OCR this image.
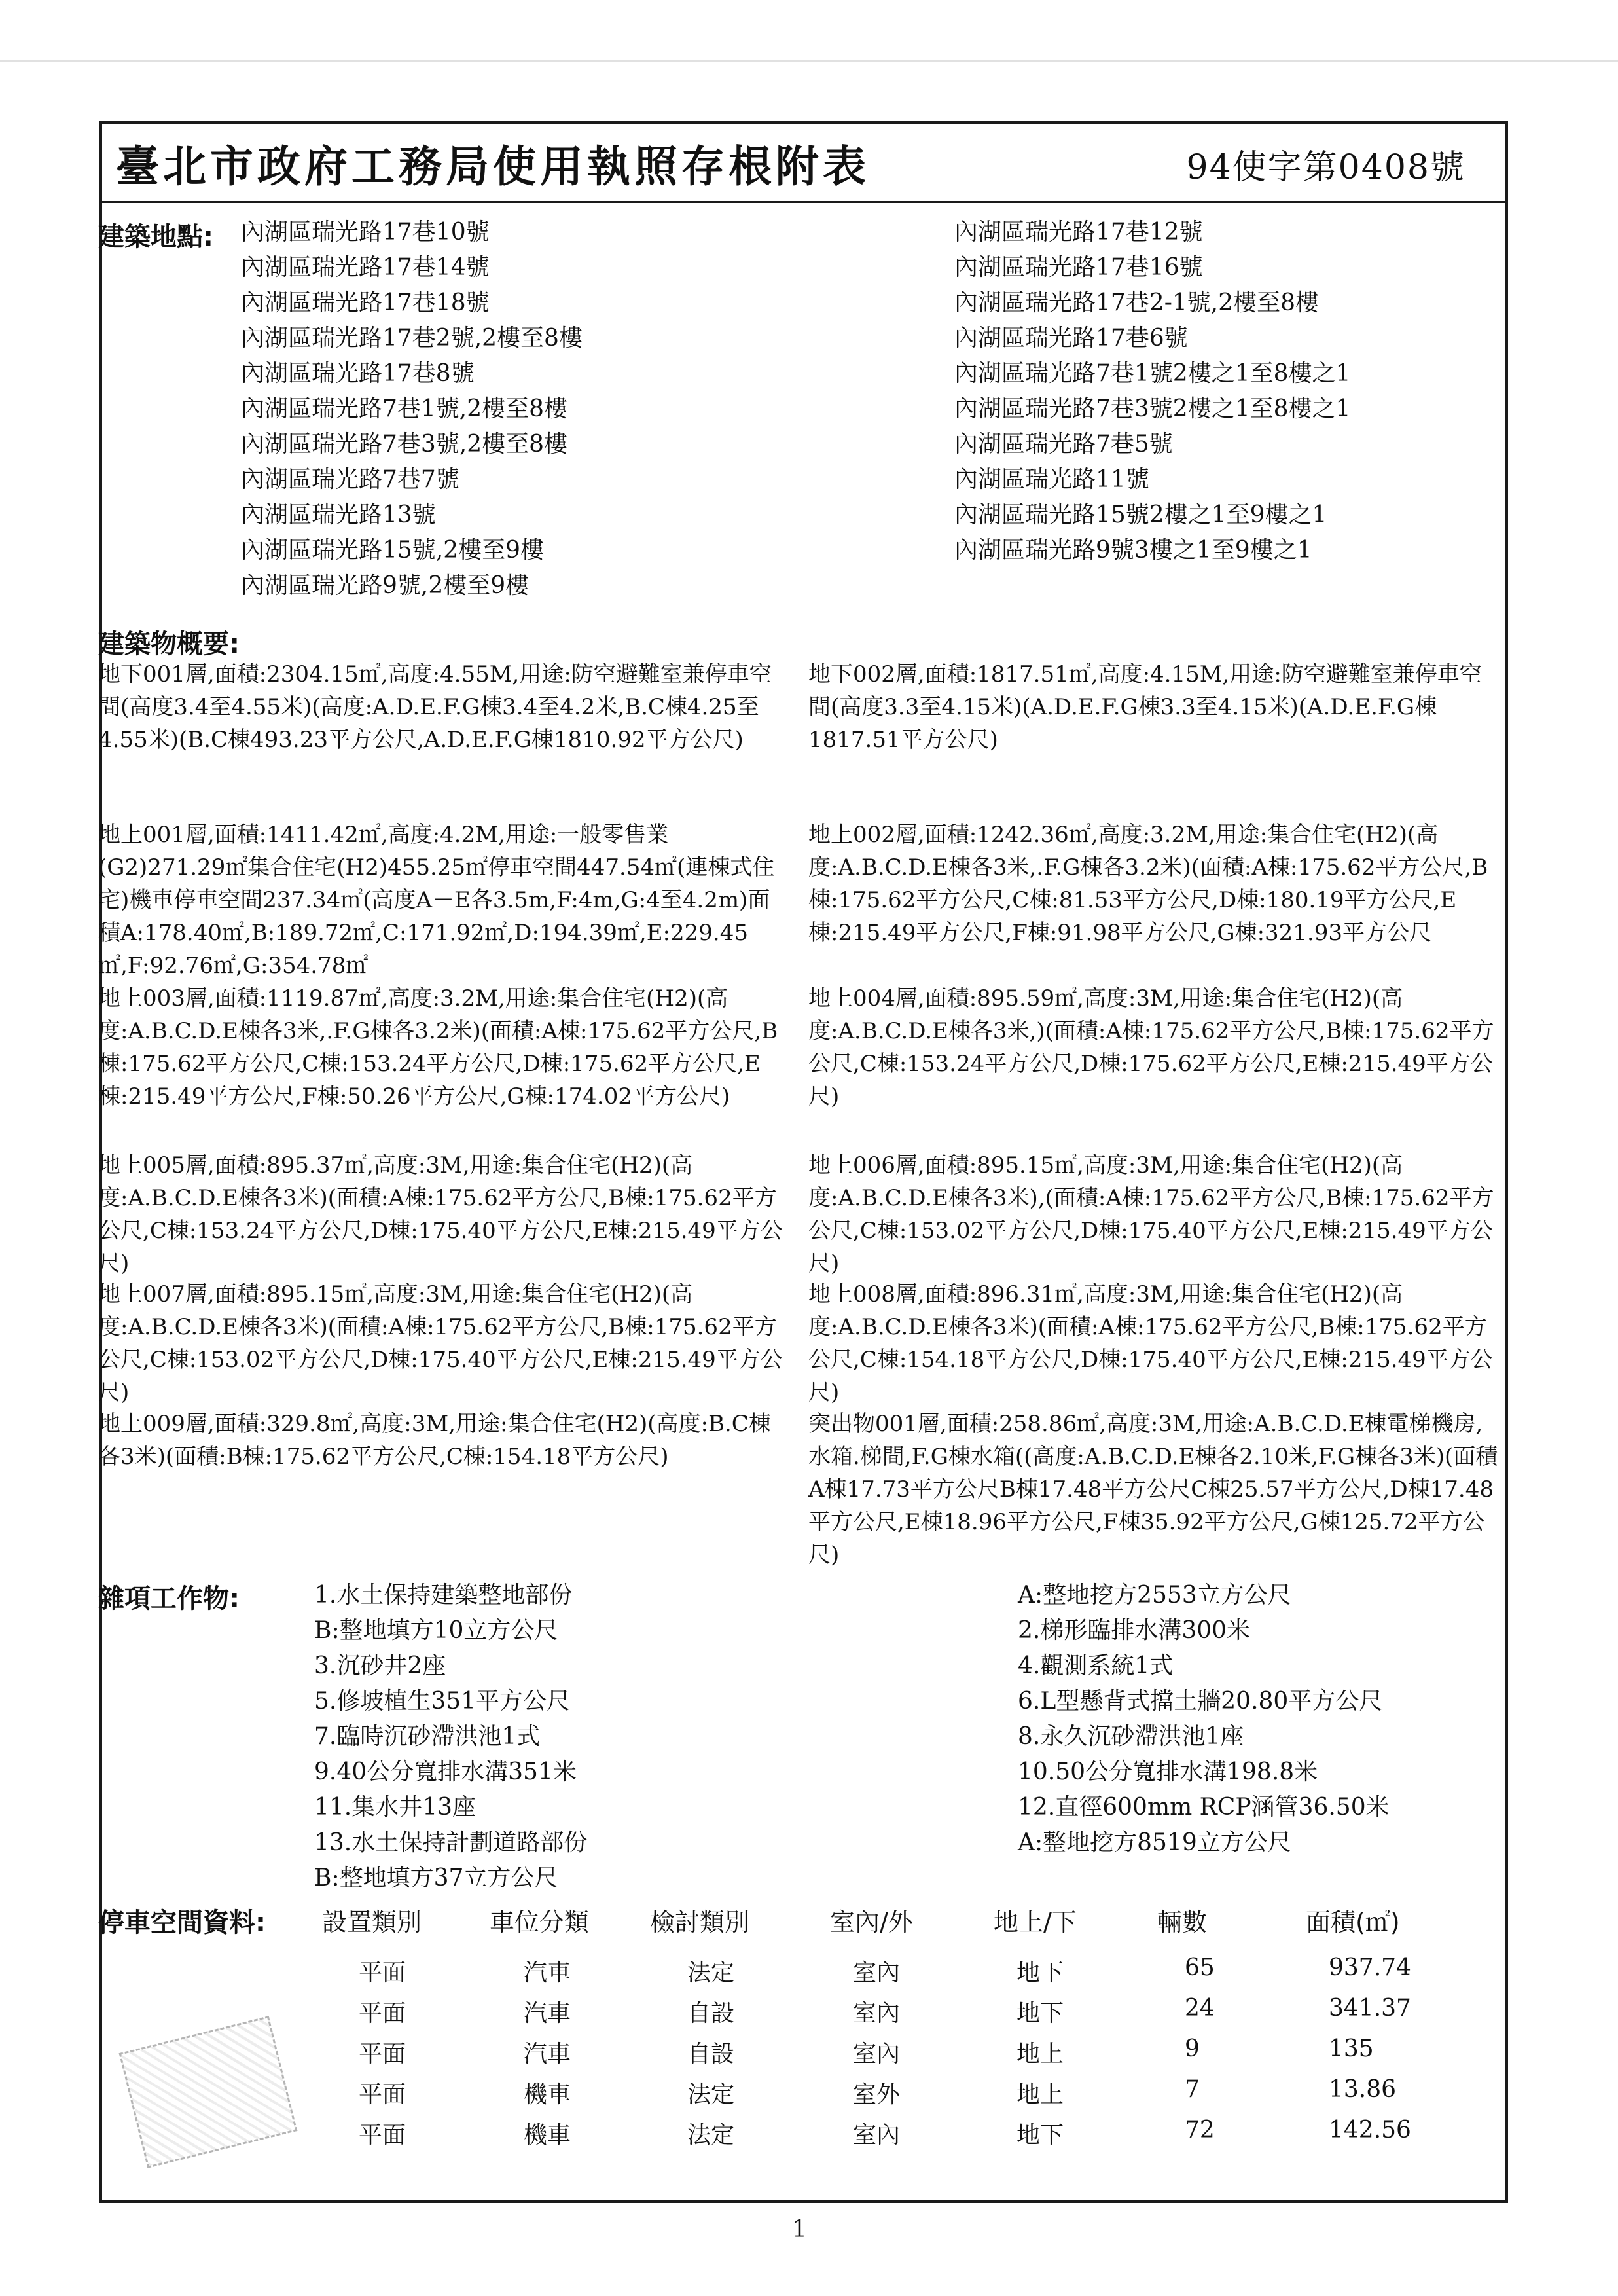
臺北市政府工務局使用執照存根附表	94使字第0408號
建築地點: 內湖區瑞光路17巷10號
內湖區瑞光路17巷14號
內湖區瑞光路17巷18號
內湖區瑞光路17巷2號,2樓至8樓
內湖區瑞光路17巷8號
內湖區瑞光路7巷1號,2樓至8樓
內湖區瑞光路7巷3號,2樓至8樓
內湖區瑞光路7巷7號
內湖區瑞光路13號
內湖區瑞光路15號,2樓至9樓
內湖區瑞光路9號,2樓至9樓
內湖區瑞光路17巷12號
內湖區瑞光路17巷16號
內湖區瑞光路17巷2-1號,2樓至8樓
內湖區瑞光路17巷6號
內湖區瑞光路7巷1號2樓之1至8樓之1
內湖區瑞光路7巷3號2樓之1至8樓之1
內湖區瑞光路7巷5號
內湖區瑞光路11號
內湖區瑞光路15號2樓之1至9樓之1
內湖區瑞光路9號3樓之1至9樓之1
建築物概要:
地下001層,面積:2304.15㎡,高度:4.55M,用途:防空避難室兼停車空間(高度3.4至4.55米)(高度:A.D.E.F.G棟3.4至4.2米,B.C棟4.25至4.55米)(B.C棟493.23平方公尺,A.D.E.F.G棟1810.92平方公尺)
地下002層,面積:1817.51㎡,高度:4.15M,用途:防空避難室兼停車空間(高度3.3至4.15米)(A.D.E.F.G棟3.3至4.15米)(A.D.E.F.G棟1817.51平方公尺)
地上001層,面積:1411.42㎡,高度:4.2M,用途:一般零售業(G2)271.29㎡集合住宅(H2)455.25㎡停車空間447.54㎡(連棟式住宅)機車停車空間237.34㎡(高度A－E各3.5m,F:4m,G:4至4.2m)面積A:178.40㎡,B:189.72㎡,C:171.92㎡,D:194.39㎡,E:229.45㎡,F:92.76㎡,G:354.78㎡
地上002層,面積:1242.36㎡,高度:3.2M,用途:集合住宅(H2)(高度:A.B.C.D.E棟各3米,.F.G棟各3.2米)(面積:A棟:175.62平方公尺,B棟:175.62平方公尺,C棟:81.53平方公尺,D棟:180.19平方公尺,E棟:215.49平方公尺,F棟:91.98平方公尺,G棟:321.93平方公尺
地上003層,面積:1119.87㎡,高度:3.2M,用途:集合住宅(H2)(高度:A.B.C.D.E棟各3米,.F.G棟各3.2米)(面積:A棟:175.62平方公尺,B棟:175.62平方公尺,C棟:153.24平方公尺,D棟:175.62平方公尺,E棟:215.49平方公尺,F棟:50.26平方公尺,G棟:174.02平方公尺)
地上004層,面積:895.59㎡,高度:3M,用途:集合住宅(H2)(高度:A.B.C.D.E棟各3米,)(面積:A棟:175.62平方公尺,B棟:175.62平方公尺,C棟:153.24平方公尺,D棟:175.62平方公尺,E棟:215.49平方公尺)
地上005層,面積:895.37㎡,高度:3M,用途:集合住宅(H2)(高度:A.B.C.D.E棟各3米)(面積:A棟:175.62平方公尺,B棟:175.62平方公尺,C棟:153.24平方公尺,D棟:175.40平方公尺,E棟:215.49平方公尺)
地上006層,面積:895.15㎡,高度:3M,用途:集合住宅(H2)(高度:A.B.C.D.E棟各3米),(面積:A棟:175.62平方公尺,B棟:175.62平方公尺,C棟:153.02平方公尺,D棟:175.40平方公尺,E棟:215.49平方公尺)
地上007層,面積:895.15㎡,高度:3M,用途:集合住宅(H2)(高度:A.B.C.D.E棟各3米)(面積:A棟:175.62平方公尺,B棟:175.62平方公尺,C棟:153.02平方公尺,D棟:175.40平方公尺,E棟:215.49平方公尺)
地上008層,面積:896.31㎡,高度:3M,用途:集合住宅(H2)(高度:A.B.C.D.E棟各3米)(面積:A棟:175.62平方公尺,B棟:175.62平方公尺,C棟:154.18平方公尺,D棟:175.40平方公尺,E棟:215.49平方公尺)
地上009層,面積:329.8㎡,高度:3M,用途:集合住宅(H2)(高度:B.C棟各3米)(面積:B棟:175.62平方公尺,C棟:154.18平方公尺)
突出物001層,面積:258.86㎡,高度:3M,用途:A.B.C.D.E棟電梯機房,水箱.梯間,F.G棟水箱((高度:A.B.C.D.E棟各2.10米,F.G棟各3米)(面積A棟17.73平方公尺B棟17.48平方公尺C棟25.57平方公尺,D棟17.48平方公尺,E棟18.96平方公尺,F棟35.92平方公尺,G棟125.72平方公尺)
雜項工作物:	1.水土保持建築整地部份
B:整地填方10立方公尺
3.沉砂井2座
5.修坡植生351平方公尺
7.臨時沉砂滯洪池1式
9.40公分寬排水溝351米
11.集水井13座
13.水土保持計劃道路部份
B:整地填方37立方公尺
A:整地挖方2553立方公尺
2.梯形臨排水溝300米
4.觀測系統1式
6.L型懸背式擋土牆20.80平方公尺
8.永久沉砂滯洪池1座
10.50公分寬排水溝198.8米
12.直徑600mm RCP涵管36.50米
A:整地挖方8519立方公尺
停車空間資料: 設置類別	車位分類 檢討類別	室內/外	地上/下	輛數	面積(㎡)
平面	汽車	法定	室內	地下	65	937.74
平面	汽車	自設	室內	地下	24	341.37
平面	汽車	自設	室內	地上	9	135
平面	機車	法定	室外	地上	7	13.86
平面	機車	法定	室內	地下	72	142.56
1
